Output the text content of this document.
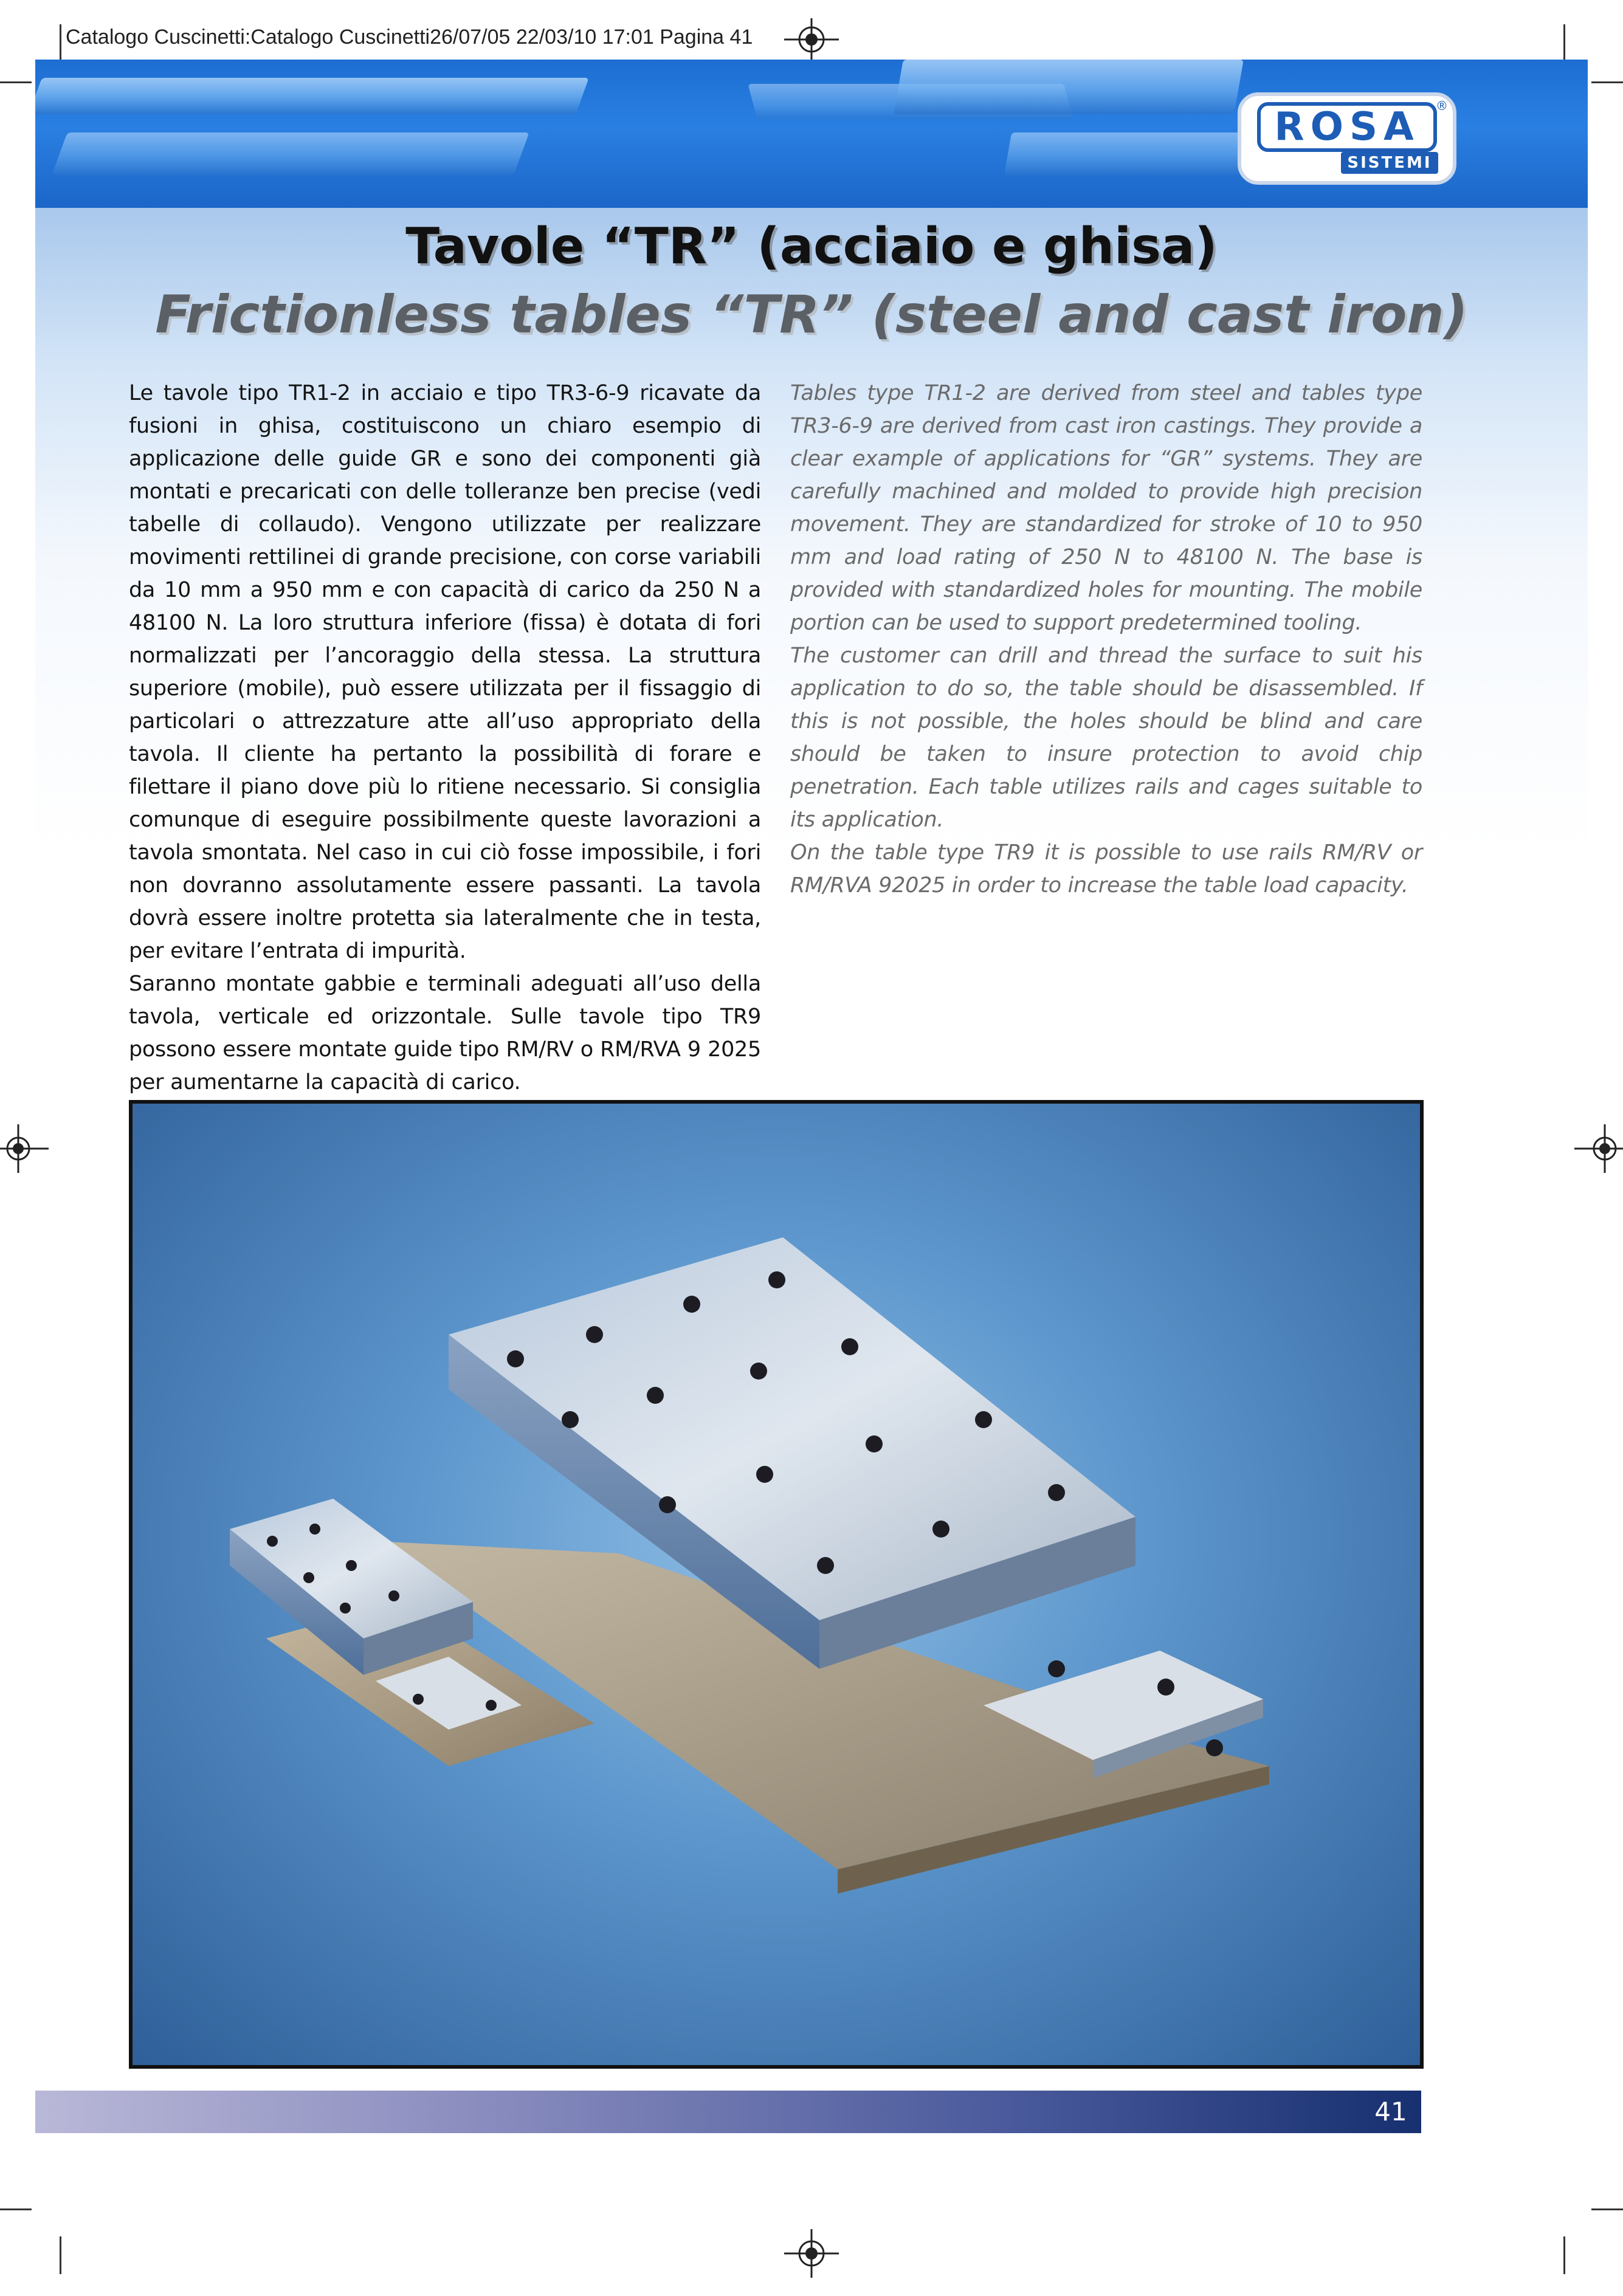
Catalogo Cuscinetti:Catalogo Cuscinetti26/07/05 22/03/10 17:01 Pagina 41
ROSA
SISTEMI
®
Tavole “TR” (acciaio e ghisa)
Frictionless tables “TR” (steel and cast iron)

Le tavole tipo TR1-2 in acciaio e tipo TR3-6-9 ricavate da fusioni in ghisa, costituiscono un chiaro esempio di applicazione delle guide GR e sono dei componenti già montati e precaricati con delle tolleranze ben precise (vedi tabelle di collaudo). Vengono utilizzate per realizzare movimenti rettilinei di grande precisione, con corse variabili da 10 mm a 950 mm e con capacità di carico da 250 N a 48100 N. La loro struttura inferiore (fissa) è dotata di fori normalizzati per l’ancoraggio della stessa. La struttura superiore (mobile), può essere utilizzata per il fissaggio di particolari o attrezzature atte all’uso appropriato della tavola. Il cliente ha pertanto la possibilità di forare e filettare il piano dove più lo ritiene necessario. Si consiglia comunque di eseguire possibilmente queste lavorazioni a tavola smontata. Nel caso in cui ciò fosse impossibile, i fori non dovranno assolutamente essere passanti. La tavola dovrà essere inoltre protetta sia lateralmente che in testa, per evitare l’entrata di impurità.

Saranno montate gabbie e terminali adeguati all’uso della tavola, verticale ed orizzontale. Sulle tavole tipo TR9 possono essere montate guide tipo RM/RV o RM/RVA 9 2025 per aumentarne la capacità di carico.

Tables type TR1-2 are derived from steel and tables type TR3-6-9 are derived from cast iron castings. They provide a clear example of applications for “GR” systems. They are carefully machined and molded to provide high precision movement. They are standardized for stroke of 10 to 950 mm and load rating of 250 N to 48100 N. The base is provided with standardized holes for mounting. The mobile portion can be used to support predetermined tooling.

The customer can drill and thread the surface to suit his application to do so, the table should be disassembled. If this is not possible, the holes should be blind and care should be taken to insure protection to avoid chip penetration. Each table utilizes rails and cages suitable to its application.

On the table type TR9 it is possible to use rails RM/RV or RM/RVA 92025 in order to increase the table load capacity.

41
